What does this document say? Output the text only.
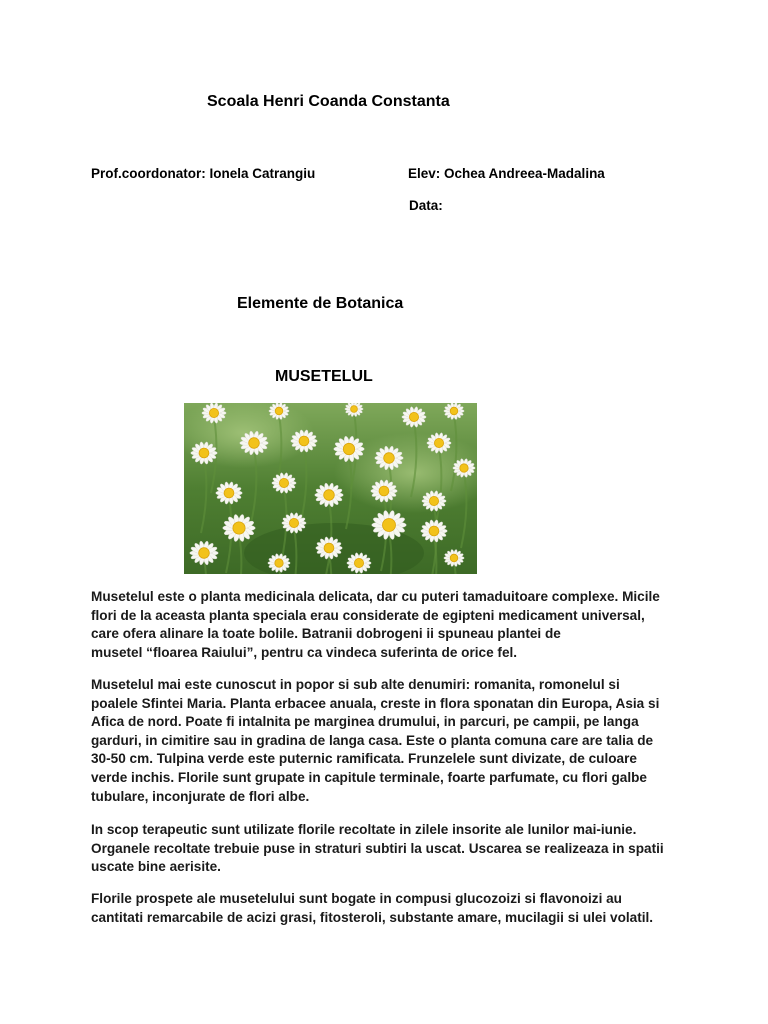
Scoala Henri Coanda Constanta
Prof.coordonator: Ionela Catrangiu	Elev: Ochea Andreea-Madalina
Data:
Elemente de Botanica
MUSETELUL
Musetelul este o planta medicinala delicata, dar cu puteri tamaduitoare complexe. Micile
flori de la aceasta planta speciala erau considerate de egipteni medicament universal,
care ofera alinare la toate bolile. Batranii dobrogeni ii spuneau plantei de
musetel “floarea Raiului”, pentru ca vindeca suferinta de orice fel.
Musetelul mai este cunoscut in popor si sub alte denumiri: romanita, romonelul si
poalele Sfintei Maria. Planta erbacee anuala, creste in flora sponatan din Europa, Asia si
Afica de nord. Poate fi intalnita pe marginea drumului, in parcuri, pe campii, pe langa
garduri, in cimitire sau in gradina de langa casa. Este o planta comuna care are talia de
30-50 cm. Tulpina verde este puternic ramificata. Frunzelele sunt divizate, de culoare
verde inchis. Florile sunt grupate in capitule terminale, foarte parfumate, cu flori galbe
tubulare, inconjurate de flori albe.
In scop terapeutic sunt utilizate florile recoltate in zilele insorite ale lunilor mai-iunie.
Organele recoltate trebuie puse in straturi subtiri la uscat. Uscarea se realizeaza in spatii
uscate bine aerisite.
Florile prospete ale musetelului sunt bogate in compusi glucozoizi si flavonoizi au
cantitati remarcabile de acizi grasi, fitosteroli, substante amare, mucilagii si ulei volatil.
